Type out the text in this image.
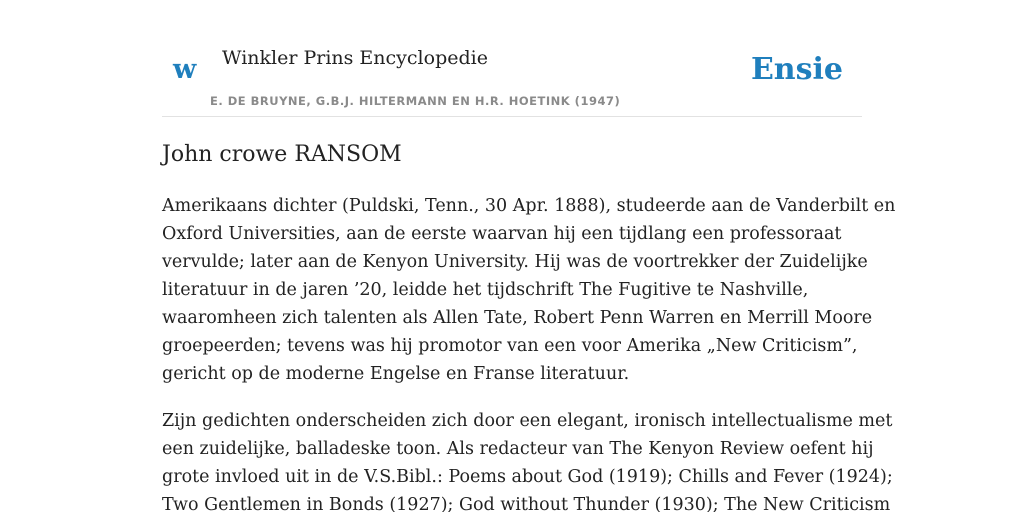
w Winkler Prins Encyclopedie
E. DE BRUYNE, G.B.J. HILTERMANN EN H.R. HOETINK (1947)
Ensie
John crowe RANSOM

Amerikaans dichter (Puldski, Tenn., 30 Apr. 1888), studeerde aan de Vanderbilt en
Oxford Universities, aan de eerste waarvan hij een tijdlang een professoraat
vervulde; later aan de Kenyon University. Hij was de voortrekker der Zuidelijke
literatuur in de jaren ’20, leidde het tijdschrift The Fugitive te Nashville,
waaromheen zich talenten als Allen Tate, Robert Penn Warren en Merrill Moore
groepeerden; tevens was hij promotor van een voor Amerika „New Criticism”,
gericht op de moderne Engelse en Franse literatuur.

Zijn gedichten onderscheiden zich door een elegant, ironisch intellectualisme met
een zuidelijke, balladeske toon. Als redacteur van The Kenyon Review oefent hij
grote invloed uit in de V.S.Bibl.: Poems about God (1919); Chills and Fever (1924);
Two Gentlemen in Bonds (1927); God without Thunder (1930); The New Criticism
